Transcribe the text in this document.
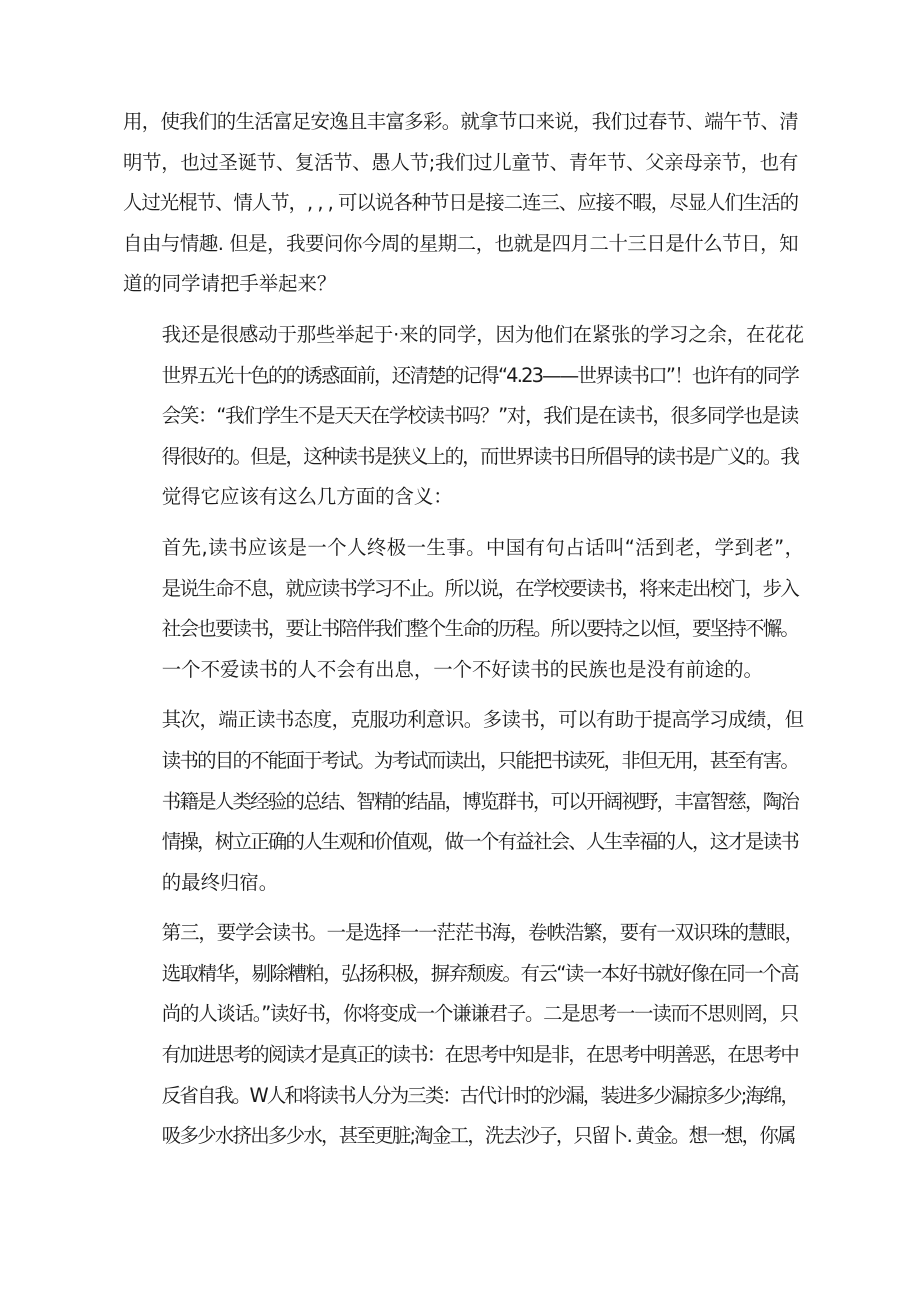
用，使我们的生活富足安逸且丰富多彩。就拿节口来说，我们过春节、端午节、清
明节，也过圣诞节、复活节、愚人节;我们过儿童节、青年节、父亲母亲节，也有
人过光棍节、情人节，, , , 可以说各种节日是接二连三、应接不暇，尽显人们生活的
自由与情趣. 但是，我要问你今周的星期二，也就是四月二十三日是什么节日，知
道的同学请把手举起来？

我还是很感动于那些举起于·来的同学，因为他们在紧张的学习之余，在花花
世界五光十色的的诱惑面前，还清楚的记得“4.23——世界读书口”！也许有的同学
会笑：“我们学生不是天天在学校读书吗？”对，我们是在读书，很多同学也是读
得很好的。但是，这种读书是狭义上的，而世界读书日所倡导的读书是广义的。我
觉得它应该有这么几方面的含义：

首先, 读书应该是一个人终极一生事。中国有句占话叫“活到老，学到老”，
是说生命不息，就应读书学习不止。所以说，在学校要读书，将来走出校门，步入
社会也要读书，要让书陪伴我们整个生命的历程。所以要持之以恒，要坚持不懈。
一个不爱读书的人不会有出息，一个不好读书的民族也是没有前途的。

其次，端正读书态度，克服功利意识。多读书，可以有助于提高学习成绩，但
读书的目的不能面于考试。为考试而读出，只能把书读死，非但无用，甚至有害。
书籍是人类经验的总结、智精的结晶，博览群书，可以开阔视野，丰富智慈，陶治
情操，树立正确的人生观和价值观，做一个有益社会、人生幸福的人，这才是读书
的最终归宿。

第三，要学会读书。一是选择一一茫茫书海，卷帙浩繁，要有一双识珠的慧眼，
选取精华，剔除糟粕，弘扬积极，摒弃颓废。有云“读一本好书就好像在同一个高
尚的人谈话。”读好书，你将变成一个谦谦君子。二是思考一一读而不思则罔，只
有加进思考的阅读才是真正的读书：在思考中知是非，在思考中明善恶，在思考中
反省自我。W人和将读书人分为三类：古代计时的沙漏，装进多少漏掠多少;海绵，
吸多少水挤出多少水，甚至更脏;淘金工，洗去沙子，只留卜. 黄金。想一想，你属
